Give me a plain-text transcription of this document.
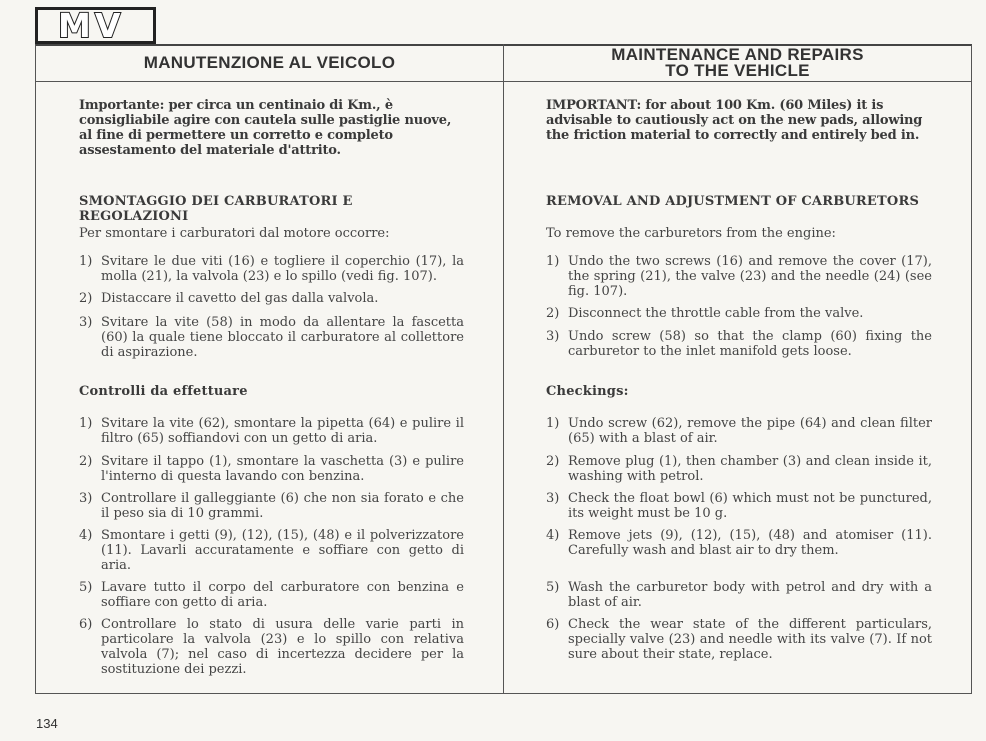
MV
MANUTENZIONE AL VEICOLO	MAINTENANCE AND REPAIRS
TO THE VEHICLE
Importante: per circa un centinaio di Km., è consigliabile agire con cautela sulle pastiglie nuove, al fine di permettere un corretto e completo assestamento del materiale d'attrito.
SMONTAGGIO DEI CARBURATORI E REGOLAZIONI
Per smontare i carburatori dal motore occorre:
1) Svitare le due viti (16) e togliere il coperchio (17), la molla (21), la valvola (23) e lo spillo (vedi fig. 107).
2) Distaccare il cavetto del gas dalla valvola.
3) Svitare la vite (58) in modo da allentare la fascetta (60) la quale tiene bloccato il carburatore al collettore di aspirazione.
Controlli da effettuare
1) Svitare la vite (62), smontare la pipetta (64) e pulire il filtro (65) soffiandovi con un getto di aria.
2) Svitare il tappo (1), smontare la vaschetta (3) e pulire l'interno di questa lavando con benzina.
3) Controllare il galleggiante (6) che non sia forato e che il peso sia di 10 grammi.
4) Smontare i getti (9), (12), (15), (48) e il polverizzatore (11). Lavarli accuratamente e soffiare con getto di aria.
5) Lavare tutto il corpo del carburatore con benzina e soffiare con getto di aria.
6) Controllare lo stato di usura delle varie parti in particolare la valvola (23) e lo spillo con relativa valvola (7); nel caso di incertezza decidere per la sostituzione dei pezzi.
IMPORTANT: for about 100 Km. (60 Miles) it is advisable to cautiously act on the new pads, allowing the friction material to correctly and entirely bed in.
REMOVAL AND ADJUSTMENT OF CARBURETORS
To remove the carburetors from the engine:
1) Undo the two screws (16) and remove the cover (17), the spring (21), the valve (23) and the needle (24) (see fig. 107).
2) Disconnect the throttle cable from the valve.
3) Undo screw (58) so that the clamp (60) fixing the carburetor to the inlet manifold gets loose.
Checkings:
1) Undo screw (62), remove the pipe (64) and clean filter (65) with a blast of air.
2) Remove plug (1), then chamber (3) and clean inside it, washing with petrol.
3) Check the float bowl (6) which must not be punctured, its weight must be 10 g.
4) Remove jets (9), (12), (15), (48) and atomiser (11). Carefully wash and blast air to dry them.
5) Wash the carburetor body with petrol and dry with a blast of air.
6) Check the wear state of the different particulars, specially valve (23) and needle with its valve (7). If not sure about their state, replace.
134
